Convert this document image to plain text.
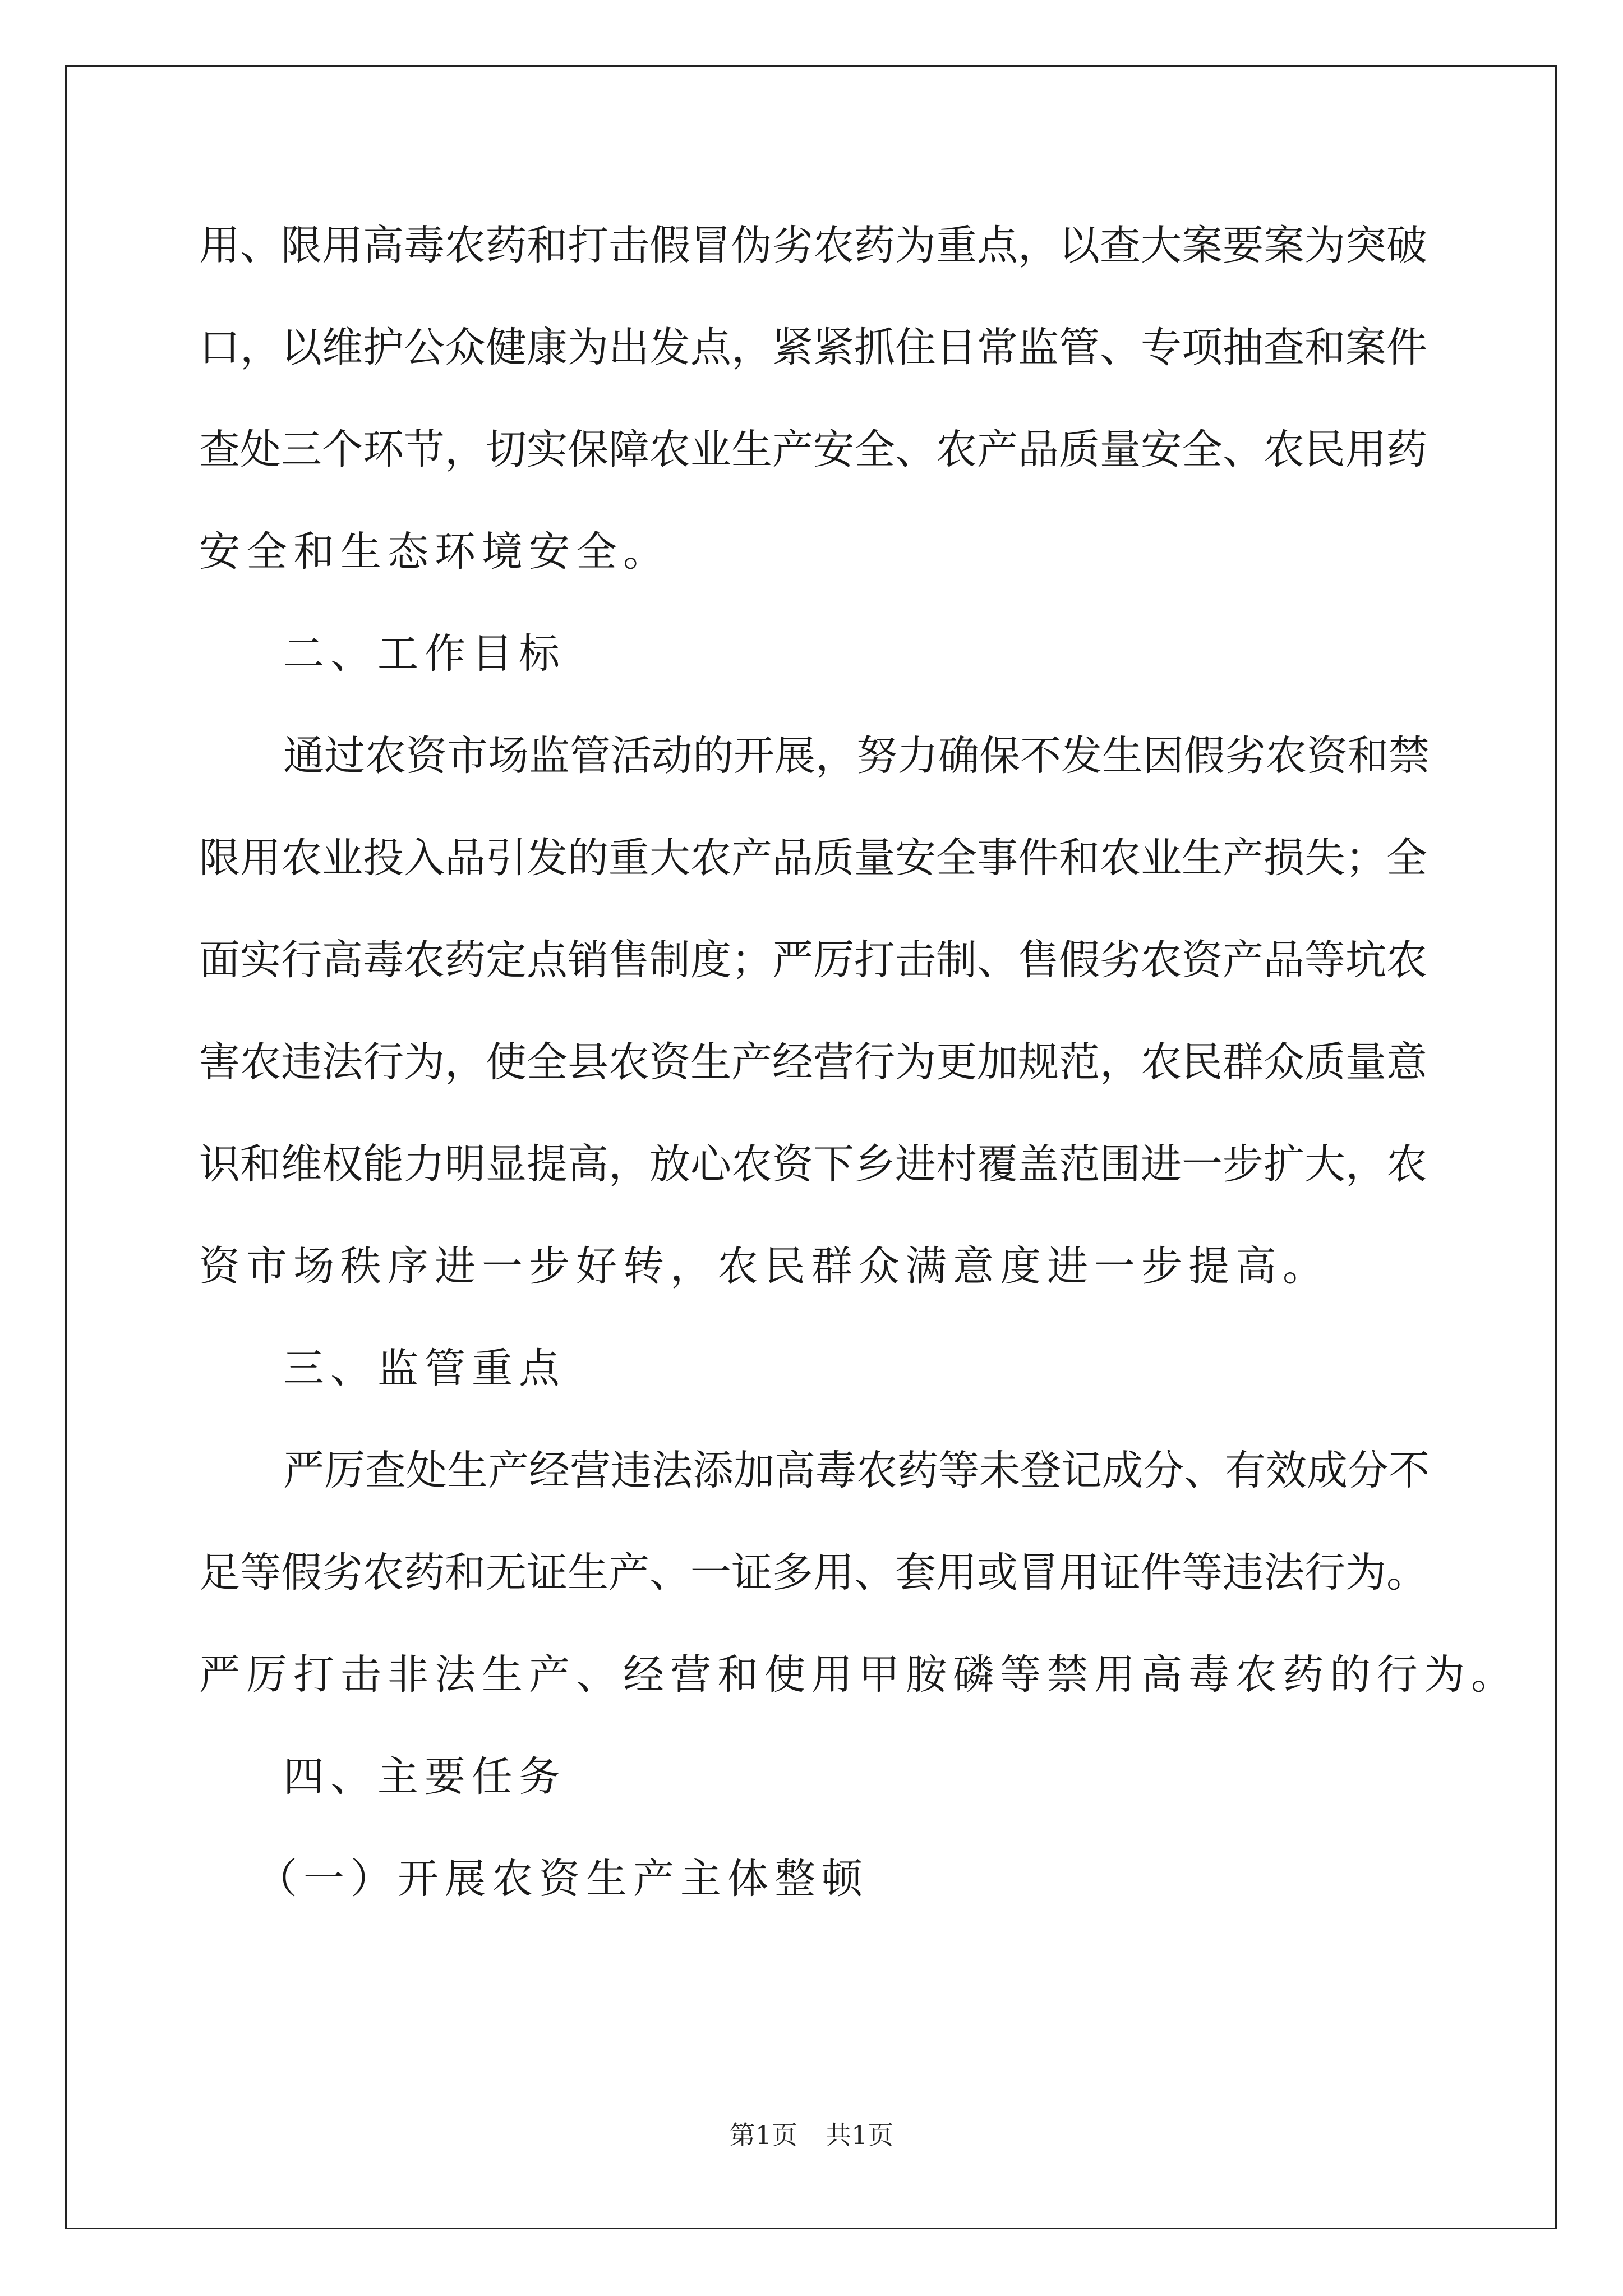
用、限用高毒农药和打击假冒伪劣农药为重点，以查大案要案为突破
口，以维护公众健康为出发点，紧紧抓住日常监管、专项抽查和案件
查处三个环节，切实保障农业生产安全、农产品质量安全、农民用药
安全和生态环境安全。
二、工作目标
通过农资市场监管活动的开展，努力确保不发生因假劣农资和禁
限用农业投入品引发的重大农产品质量安全事件和农业生产损失；全
面实行高毒农药定点销售制度；严厉打击制、售假劣农资产品等坑农
害农违法行为，使全县农资生产经营行为更加规范，农民群众质量意
识和维权能力明显提高，放心农资下乡进村覆盖范围进一步扩大，农
资市场秩序进一步好转，农民群众满意度进一步提高。
三、监管重点
严厉查处生产经营违法添加高毒农药等未登记成分、有效成分不
足等假劣农药和无证生产、一证多用、套用或冒用证件等违法行为。
严厉打击非法生产、经营和使用甲胺磷等禁用高毒农药的行为。
四、主要任务
（一）开展农资生产主体整顿
第1页 共1页
